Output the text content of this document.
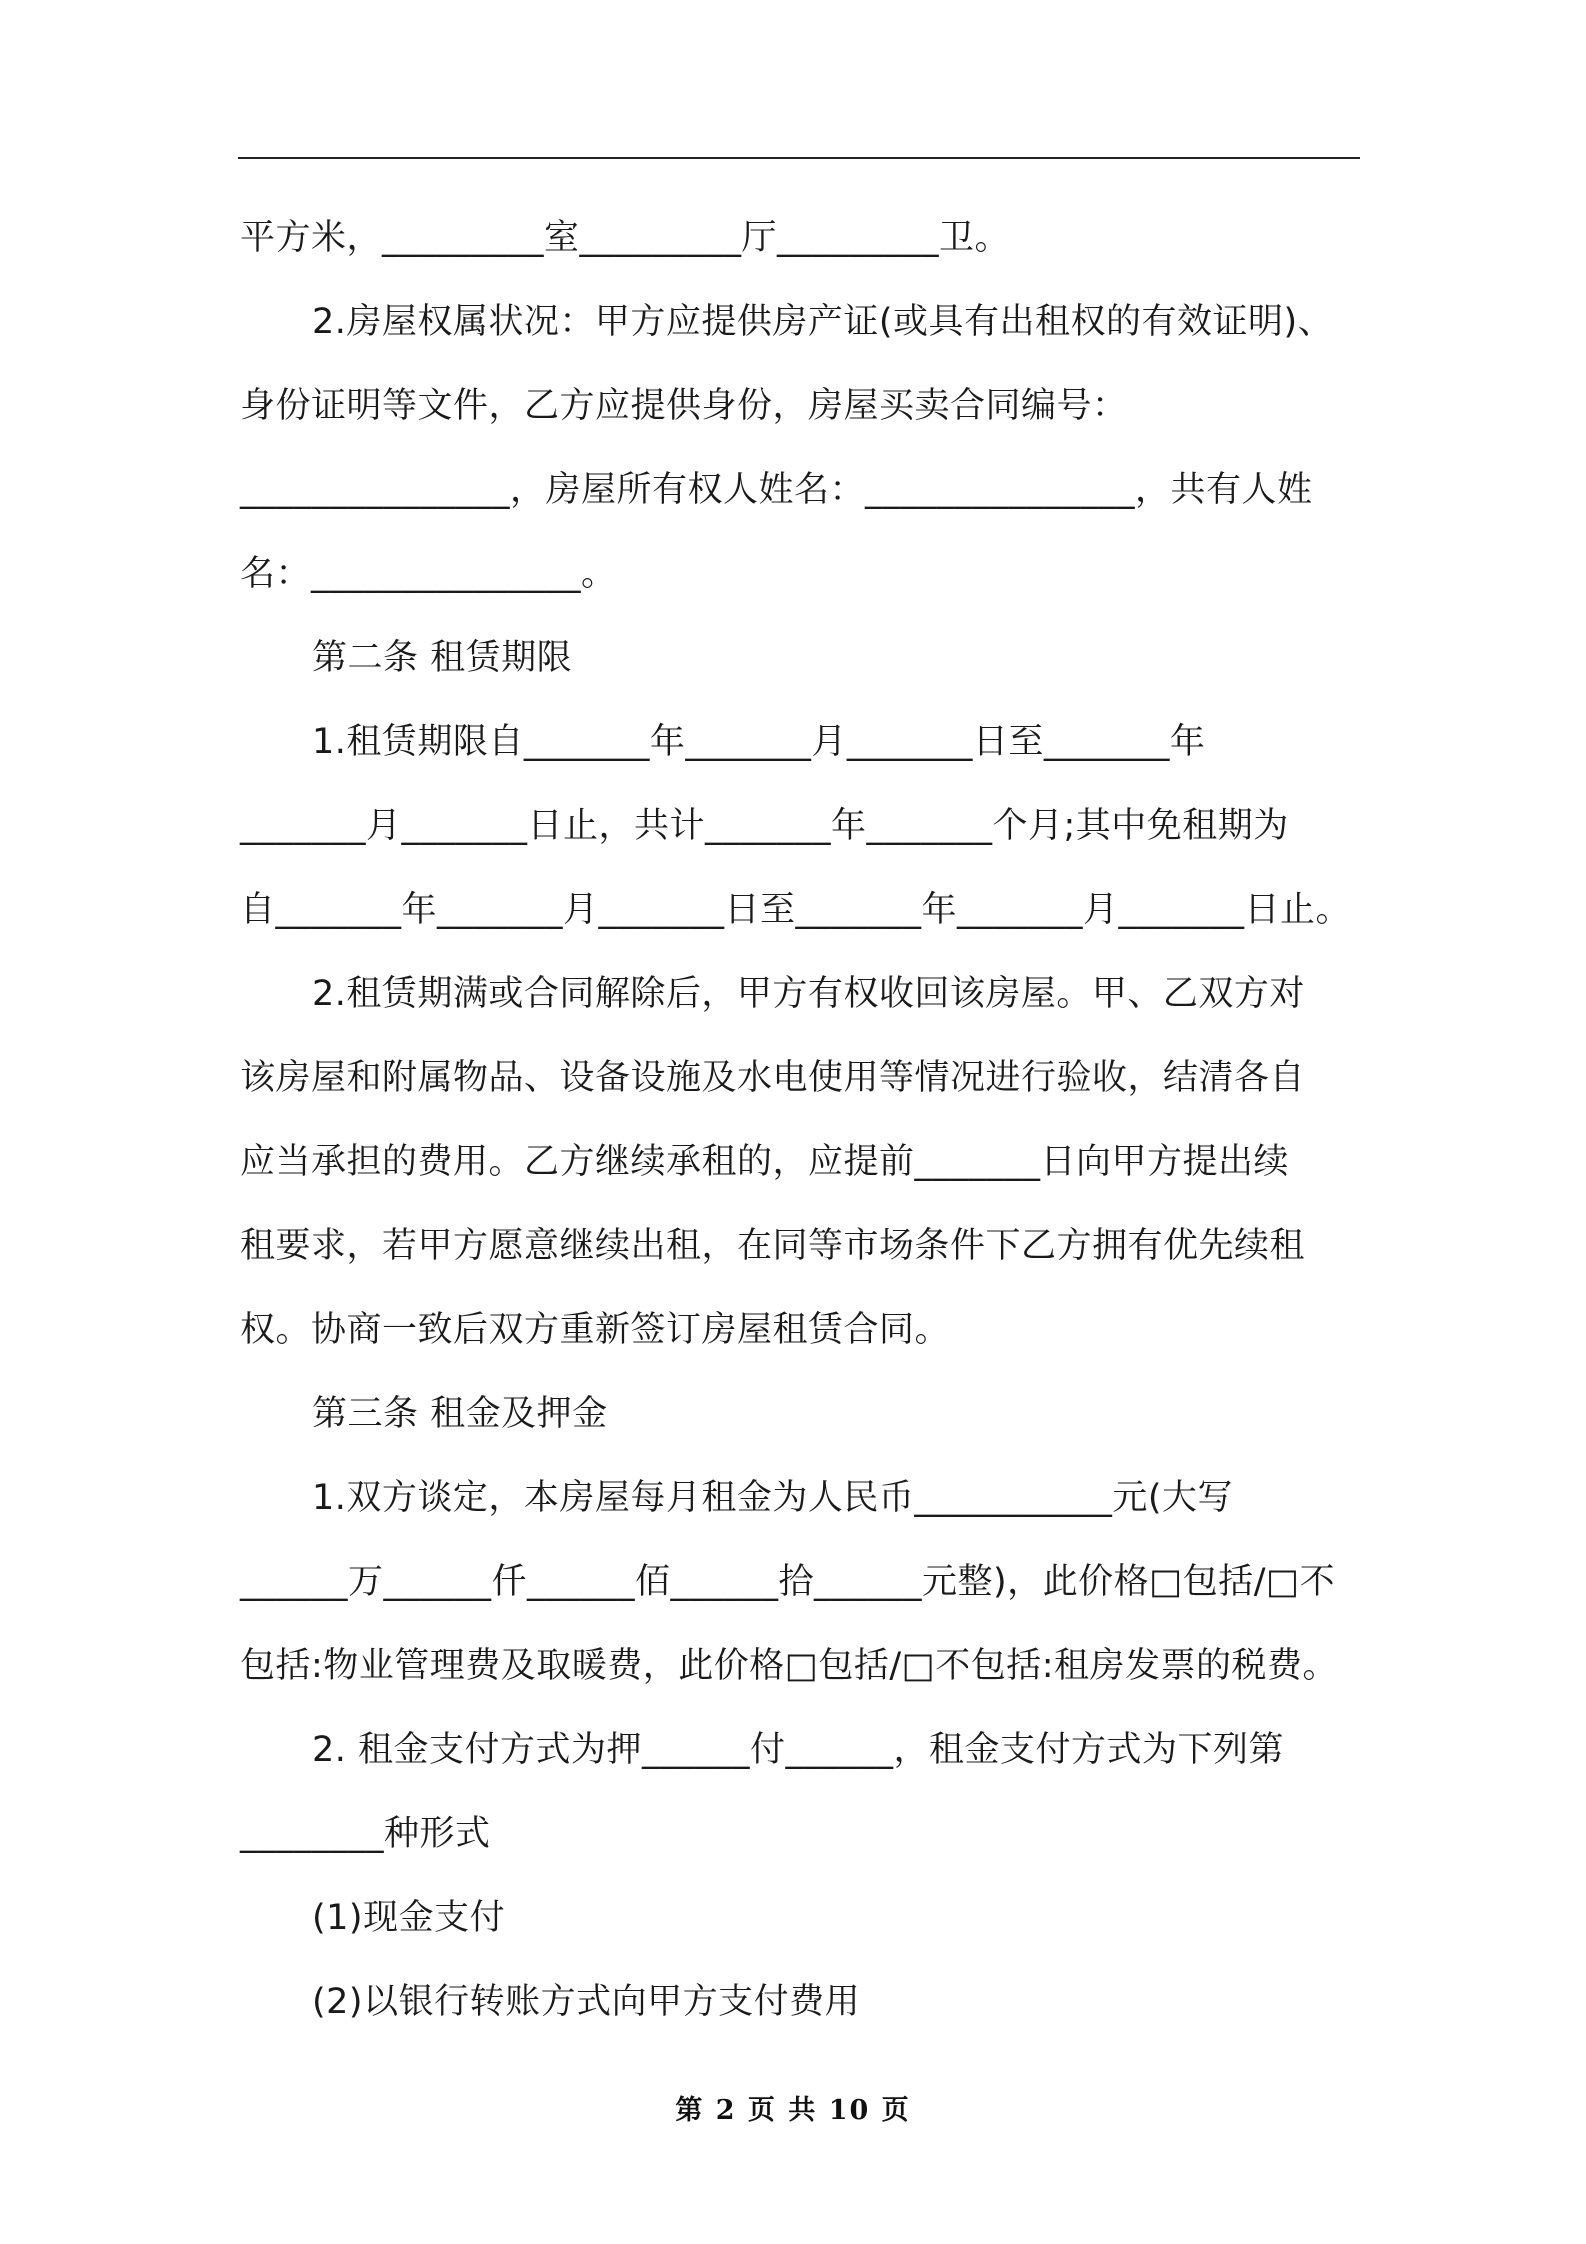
平方米，_________室_________厅_________卫。
2.房屋权属状况：甲方应提供房产证(或具有出租权的有效证明)、
身份证明等文件，乙方应提供身份，房屋买卖合同编号：
_______________，房屋所有权人姓名：_______________，共有人姓
名：_______________。
第二条 租赁期限
1.租赁期限自_______年_______月_______日至_______年
_______月_______日止，共计_______年_______个月;其中免租期为
自_______年_______月_______日至_______年_______月_______日止。
2.租赁期满或合同解除后，甲方有权收回该房屋。甲、乙双方对
该房屋和附属物品、设备设施及水电使用等情况进行验收，结清各自
应当承担的费用。乙方继续承租的，应提前_______日向甲方提出续
租要求，若甲方愿意继续出租，在同等市场条件下乙方拥有优先续租
权。协商一致后双方重新签订房屋租赁合同。
第三条 租金及押金
1.双方谈定，本房屋每月租金为人民币___________元(大写
______万______仟______佰______拾______元整)，此价格□包括/□不
包括:物业管理费及取暖费，此价格□包括/□不包括:租房发票的税费。
2. 租金支付方式为押______付______，租金支付方式为下列第
________种形式
(1)现金支付
(2)以银行转账方式向甲方支付费用
第 2 页 共 10 页
